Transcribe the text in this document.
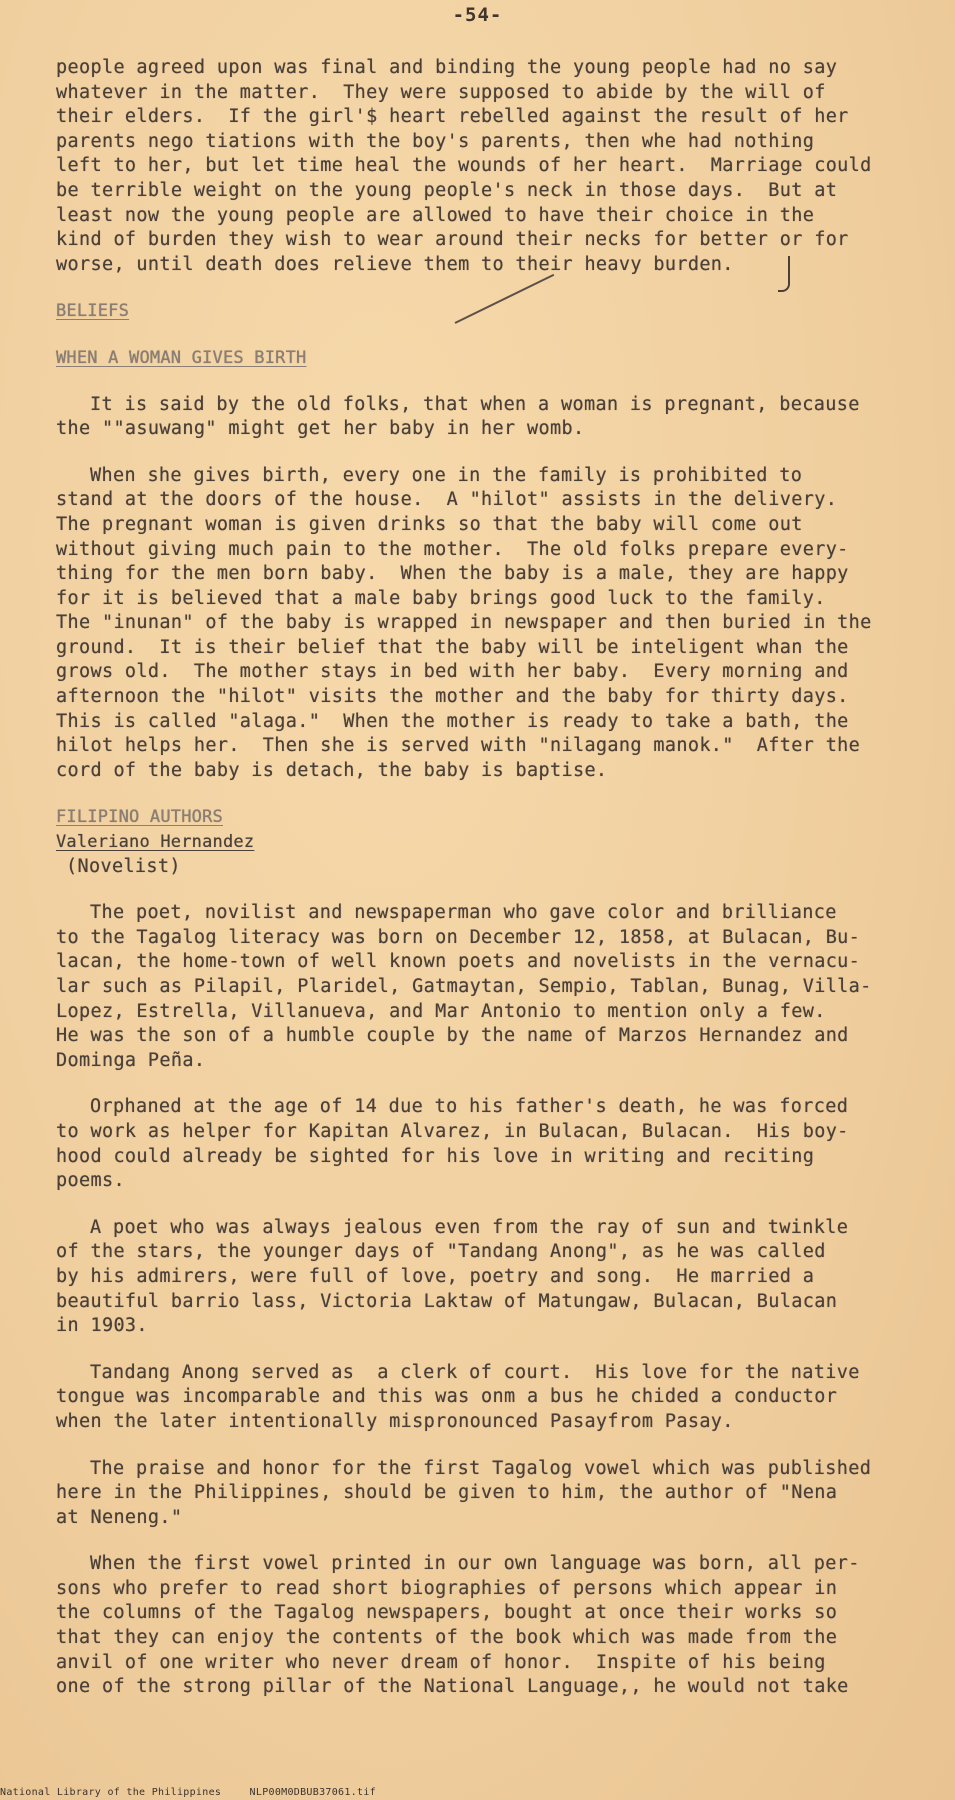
-54-
people agreed upon was final and binding the young people had no say
whatever in the matter.  They were supposed to abide by the will of
their elders.  If the girl'$ heart rebelled against the result of her
parents nego tiations with the boy's parents, then whe had nothing
left to her, but let time heal the wounds of her heart.  Marriage could
be terrible weight on the young people's neck in those days.  But at
least now the young people are allowed to have their choice in the
kind of burden they wish to wear around their necks for better or for
worse, until death does relieve them to their heavy burden.
BELIEFS
WHEN A WOMAN GIVES BIRTH
It is said by the old folks, that when a woman is pregnant, because
the ""asuwang" might get her baby in her womb.
When she gives birth, every one in the family is prohibited to
stand at the doors of the house.  A "hilot" assists in the delivery.
The pregnant woman is given drinks so that the baby will come out
without giving much pain to the mother.  The old folks prepare every-
thing for the men born baby.  When the baby is a male, they are happy
for it is believed that a male baby brings good luck to the family.
The "inunan" of the baby is wrapped in newspaper and then buried in the
ground.  It is their belief that the baby will be inteligent whan the
grows old.  The mother stays in bed with her baby.  Every morning and
afternoon the "hilot" visits the mother and the baby for thirty days.
This is called "alaga."  When the mother is ready to take a bath, the
hilot helps her.  Then she is served with "nilagang manok."  After the
cord of the baby is detach, the baby is baptise.
FILIPINO AUTHORS
Valeriano Hernandez
(Novelist)
The poet, novilist and newspaperman who gave color and brilliance
to the Tagalog literacy was born on December 12, 1858, at Bulacan, Bu-
lacan, the home-town of well known poets and novelists in the vernacu-
lar such as Pilapil, Plaridel, Gatmaytan, Sempio, Tablan, Bunag, Villa-
Lopez, Estrella, Villanueva, and Mar Antonio to mention only a few.
He was the son of a humble couple by the name of Marzos Hernandez and
Dominga Peña.
Orphaned at the age of 14 due to his father's death, he was forced
to work as helper for Kapitan Alvarez, in Bulacan, Bulacan.  His boy-
hood could already be sighted for his love in writing and reciting
poems.
A poet who was always jealous even from the ray of sun and twinkle
of the stars, the younger days of "Tandang Anong", as he was called
by his admirers, were full of love, poetry and song.  He married a
beautiful barrio lass, Victoria Laktaw of Matungaw, Bulacan, Bulacan
in 1903.
Tandang Anong served as  a clerk of court.  His love for the native
tongue was incomparable and this was onm a bus he chided a conductor
when the later intentionally mispronounced Pasayfrom Pasay.
The praise and honor for the first Tagalog vowel which was published
here in the Philippines, should be given to him, the author of "Nena
at Neneng."
When the first vowel printed in our own language was born, all per-
sons who prefer to read short biographies of persons which appear in
the columns of the Tagalog newspapers, bought at once their works so
that they can enjoy the contents of the book which was made from the
anvil of one writer who never dream of honor.  Inspite of his being
one of the strong pillar of the National Language,, he would not take
National Library of the Philippines	NLP00M0DBUB37061.tif
